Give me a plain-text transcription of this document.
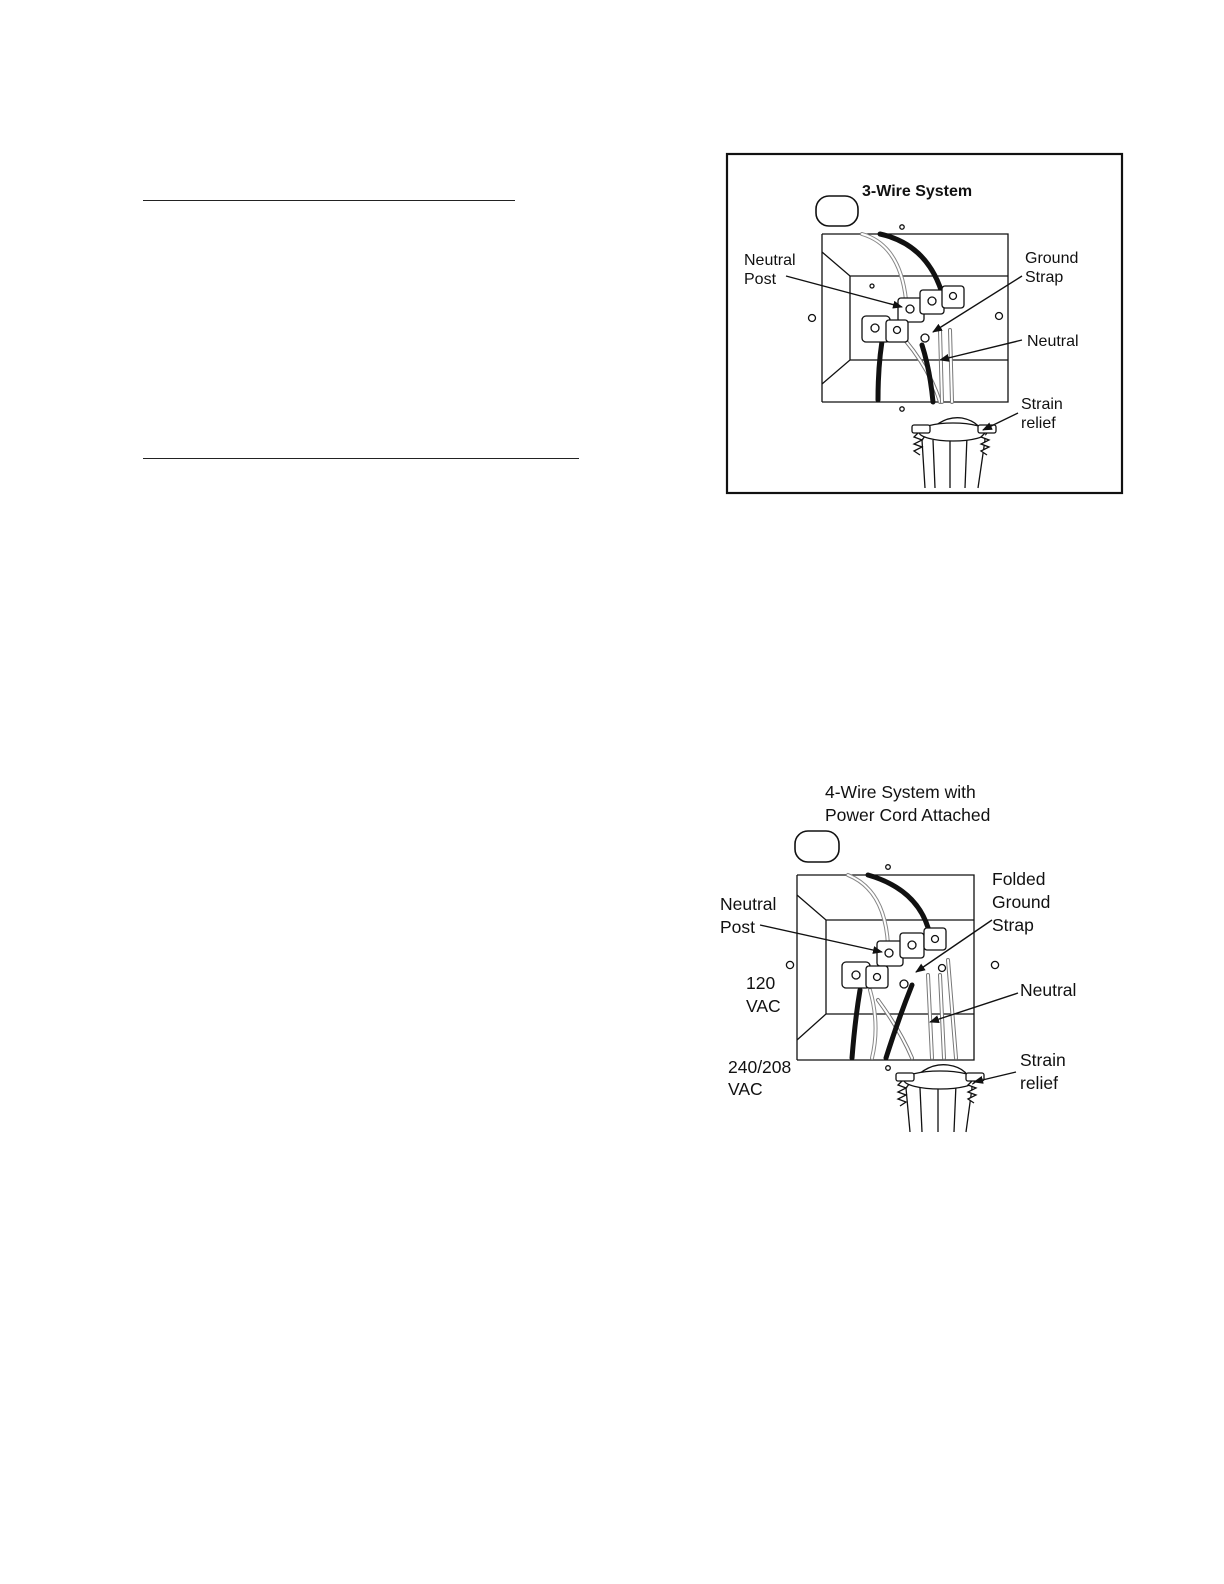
3-Wire System
Neutral
Post
Ground
Strap
Neutral
Strain
relief
4-Wire System with
Power Cord Attached
Neutral
Post
Folded
Ground
Strap
120
VAC
Neutral
240/208
VAC
Strain
relief
